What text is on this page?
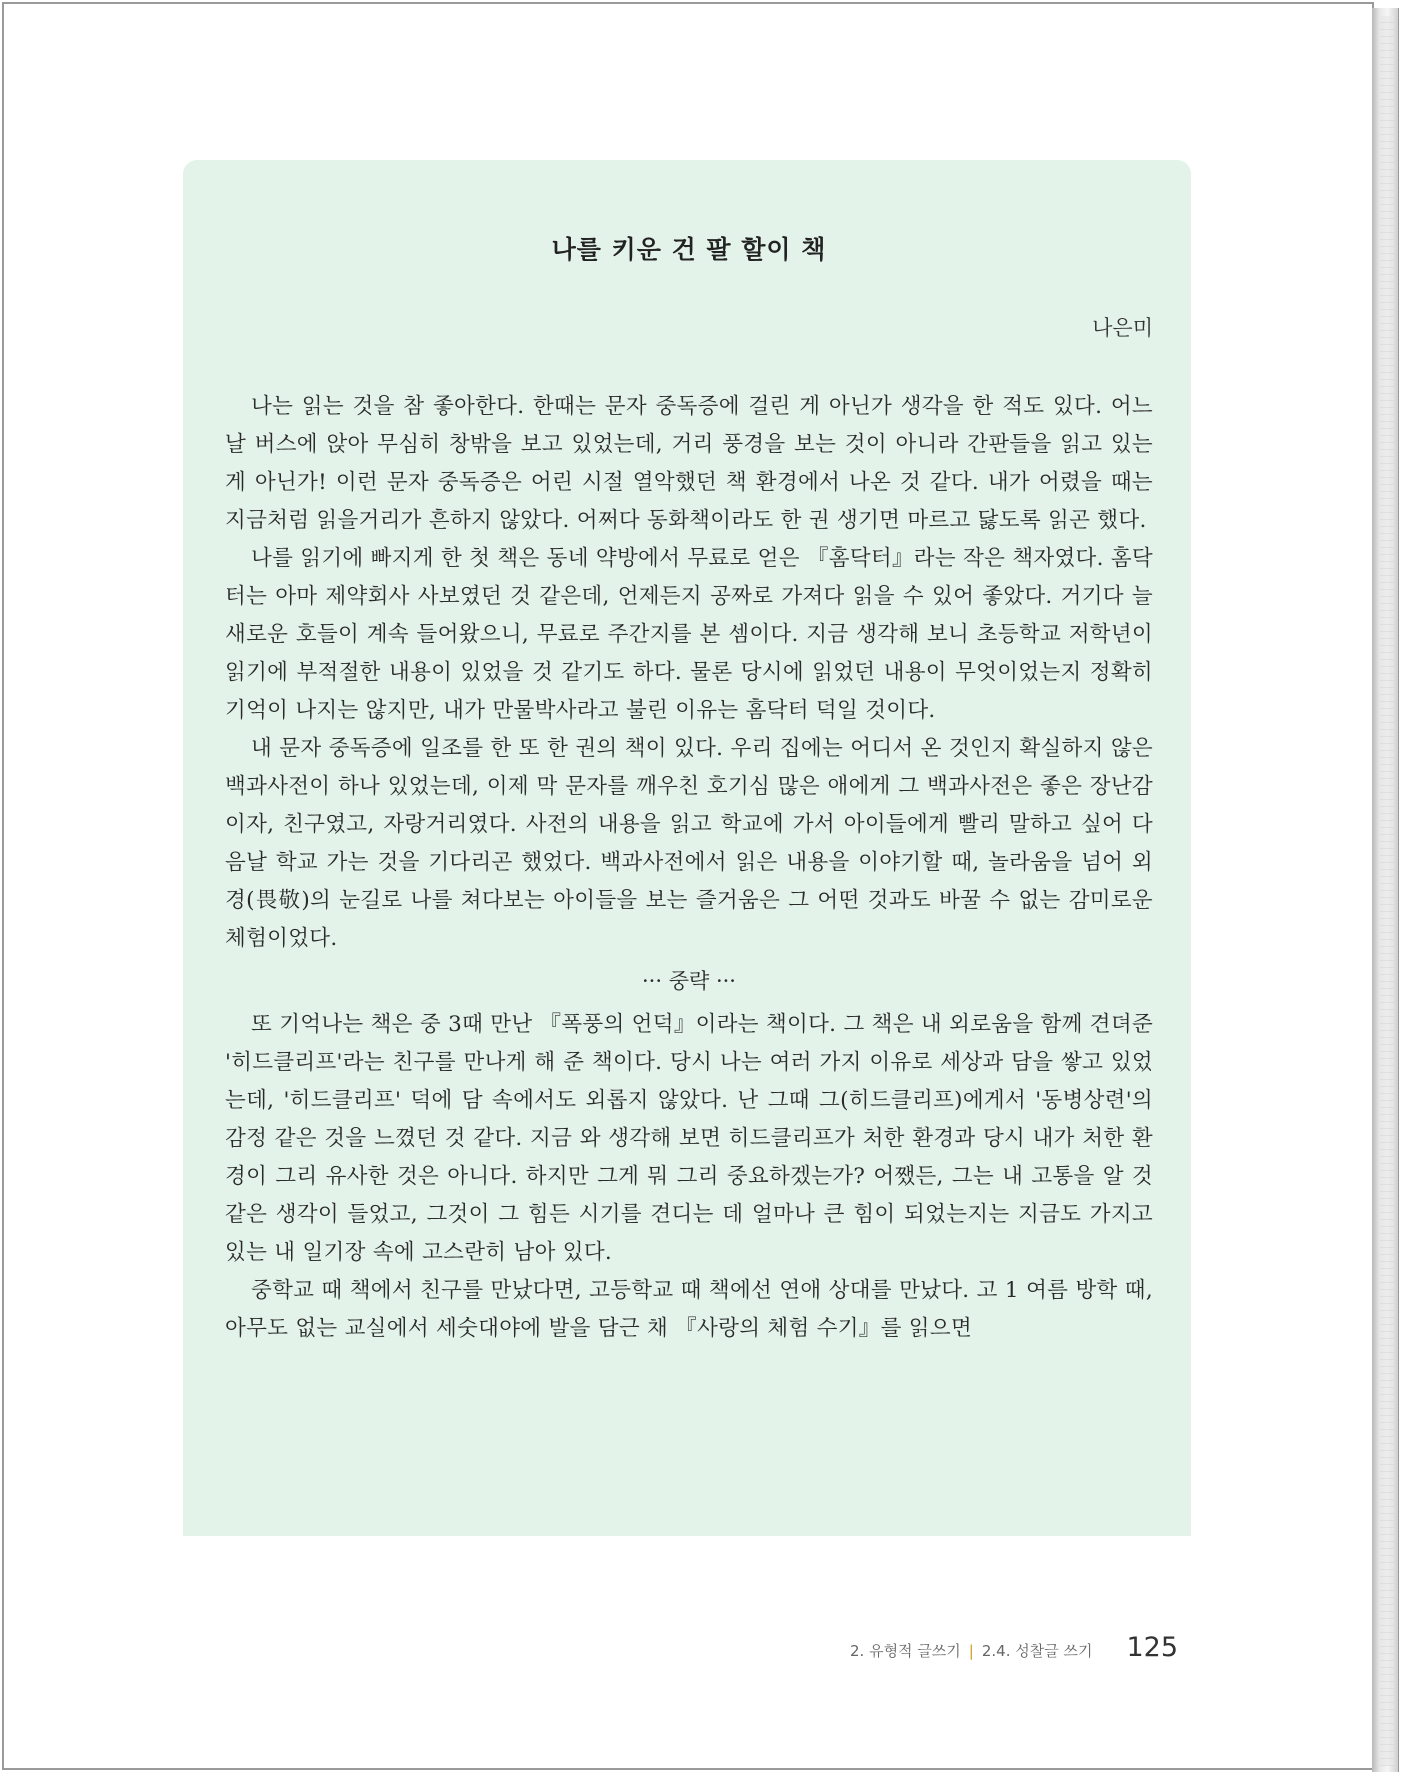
나를 키운 건 팔 할이 책
나은미

나는 읽는 것을 참 좋아한다. 한때는 문자 중독증에 걸린 게 아닌가 생각을 한 적도 있다. 어느 날 버스에 앉아 무심히 창밖을 보고 있었는데, 거리 풍경을 보는 것이 아니라 간판들을 읽고 있는 게 아닌가! 이런 문자 중독증은 어린 시절 열악했던 책 환경에서 나온 것 같다. 내가 어렸을 때는 지금처럼 읽을거리가 흔하지 않았다. 어쩌다 동화책이라도 한 권 생기면 마르고 닳도록 읽곤 했다.

나를 읽기에 빠지게 한 첫 책은 동네 약방에서 무료로 얻은 『홈닥터』라는 작은 책자였다. 홈닥터는 아마 제약회사 사보였던 것 같은데, 언제든지 공짜로 가져다 읽을 수 있어 좋았다. 거기다 늘 새로운 호들이 계속 들어왔으니, 무료로 주간지를 본 셈이다. 지금 생각해 보니 초등학교 저학년이 읽기에 부적절한 내용이 있었을 것 같기도 하다. 물론 당시에 읽었던 내용이 무엇이었는지 정확히 기억이 나지는 않지만, 내가 만물박사라고 불린 이유는 홈닥터 덕일 것이다.

내 문자 중독증에 일조를 한 또 한 권의 책이 있다. 우리 집에는 어디서 온 것인지 확실하지 않은 백과사전이 하나 있었는데, 이제 막 문자를 깨우친 호기심 많은 애에게 그 백과사전은 좋은 장난감이자, 친구였고, 자랑거리였다. 사전의 내용을 읽고 학교에 가서 아이들에게 빨리 말하고 싶어 다음날 학교 가는 것을 기다리곤 했었다. 백과사전에서 읽은 내용을 이야기할 때, 놀라움을 넘어 외경(畏敬)의 눈길로 나를 쳐다보는 아이들을 보는 즐거움은 그 어떤 것과도 바꿀 수 없는 감미로운 체험이었다.

··· 중략 ···

또 기억나는 책은 중 3때 만난 『폭풍의 언덕』이라는 책이다. 그 책은 내 외로움을 함께 견뎌준 '히드클리프'라는 친구를 만나게 해 준 책이다. 당시 나는 여러 가지 이유로 세상과 담을 쌓고 있었는데, '히드클리프' 덕에 담 속에서도 외롭지 않았다. 난 그때 그(히드클리프)에게서 '동병상련'의 감정 같은 것을 느꼈던 것 같다. 지금 와 생각해 보면 히드클리프가 처한 환경과 당시 내가 처한 환경이 그리 유사한 것은 아니다. 하지만 그게 뭐 그리 중요하겠는가? 어쨌든, 그는 내 고통을 알 것 같은 생각이 들었고, 그것이 그 힘든 시기를 견디는 데 얼마나 큰 힘이 되었는지는 지금도 가지고 있는 내 일기장 속에 고스란히 남아 있다.

중학교 때 책에서 친구를 만났다면, 고등학교 때 책에선 연애 상대를 만났다. 고 1 여름 방학 때, 아무도 없는 교실에서 세숫대야에 발을 담근 채 『사랑의 체험 수기』를 읽으면

2. 유형적 글쓰기 | 2.4. 성찰글 쓰기 125
